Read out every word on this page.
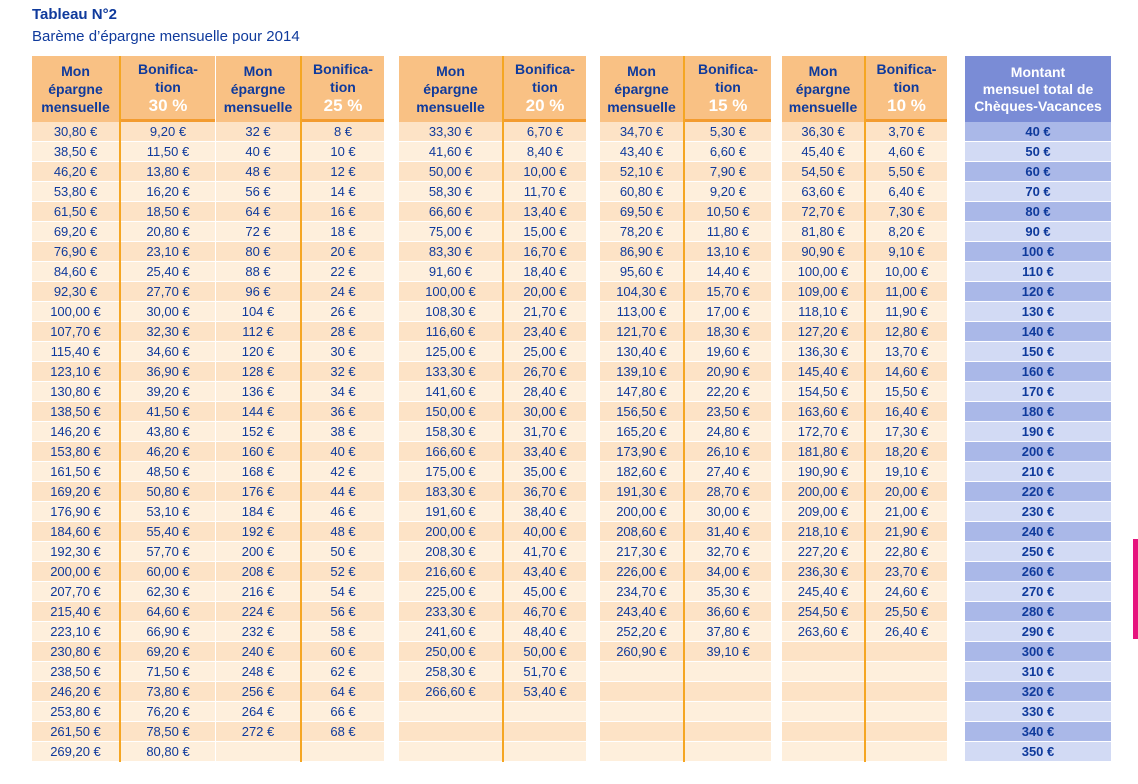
Tableau N°2
Barème d’épargne mensuelle pour 2014
Mon
épargne
mensuelle
30,80 €
38,50 €
46,20 €
53,80 €
61,50 €
69,20 €
76,90 €
84,60 €
92,30 €
100,00 €
107,70 €
115,40 €
123,10 €
130,80 €
138,50 €
146,20 €
153,80 €
161,50 €
169,20 €
176,90 €
184,60 €
192,30 €
200,00 €
207,70 €
215,40 €
223,10 €
230,80 €
238,50 €
246,20 €
253,80 €
261,50 €
269,20 €
Bonifica-
tion
30 %
9,20 €
11,50 €
13,80 €
16,20 €
18,50 €
20,80 €
23,10 €
25,40 €
27,70 €
30,00 €
32,30 €
34,60 €
36,90 €
39,20 €
41,50 €
43,80 €
46,20 €
48,50 €
50,80 €
53,10 €
55,40 €
57,70 €
60,00 €
62,30 €
64,60 €
66,90 €
69,20 €
71,50 €
73,80 €
76,20 €
78,50 €
80,80 €
Mon
épargne
mensuelle
32 €
40 €
48 €
56 €
64 €
72 €
80 €
88 €
96 €
104 €
112 €
120 €
128 €
136 €
144 €
152 €
160 €
168 €
176 €
184 €
192 €
200 €
208 €
216 €
224 €
232 €
240 €
248 €
256 €
264 €
272 €
Bonifica-
tion
25 %
8 €
10 €
12 €
14 €
16 €
18 €
20 €
22 €
24 €
26 €
28 €
30 €
32 €
34 €
36 €
38 €
40 €
42 €
44 €
46 €
48 €
50 €
52 €
54 €
56 €
58 €
60 €
62 €
64 €
66 €
68 €
Mon
épargne
mensuelle
33,30 €
41,60 €
50,00 €
58,30 €
66,60 €
75,00 €
83,30 €
91,60 €
100,00 €
108,30 €
116,60 €
125,00 €
133,30 €
141,60 €
150,00 €
158,30 €
166,60 €
175,00 €
183,30 €
191,60 €
200,00 €
208,30 €
216,60 €
225,00 €
233,30 €
241,60 €
250,00 €
258,30 €
266,60 €
Bonifica-
tion
20 %
6,70 €
8,40 €
10,00 €
11,70 €
13,40 €
15,00 €
16,70 €
18,40 €
20,00 €
21,70 €
23,40 €
25,00 €
26,70 €
28,40 €
30,00 €
31,70 €
33,40 €
35,00 €
36,70 €
38,40 €
40,00 €
41,70 €
43,40 €
45,00 €
46,70 €
48,40 €
50,00 €
51,70 €
53,40 €
Mon
épargne
mensuelle
34,70 €
43,40 €
52,10 €
60,80 €
69,50 €
78,20 €
86,90 €
95,60 €
104,30 €
113,00 €
121,70 €
130,40 €
139,10 €
147,80 €
156,50 €
165,20 €
173,90 €
182,60 €
191,30 €
200,00 €
208,60 €
217,30 €
226,00 €
234,70 €
243,40 €
252,20 €
260,90 €
Bonifica-
tion
15 %
5,30 €
6,60 €
7,90 €
9,20 €
10,50 €
11,80 €
13,10 €
14,40 €
15,70 €
17,00 €
18,30 €
19,60 €
20,90 €
22,20 €
23,50 €
24,80 €
26,10 €
27,40 €
28,70 €
30,00 €
31,40 €
32,70 €
34,00 €
35,30 €
36,60 €
37,80 €
39,10 €
Mon
épargne
mensuelle
36,30 €
45,40 €
54,50 €
63,60 €
72,70 €
81,80 €
90,90 €
100,00 €
109,00 €
118,10 €
127,20 €
136,30 €
145,40 €
154,50 €
163,60 €
172,70 €
181,80 €
190,90 €
200,00 €
209,00 €
218,10 €
227,20 €
236,30 €
245,40 €
254,50 €
263,60 €
Bonifica-
tion
10 %
3,70 €
4,60 €
5,50 €
6,40 €
7,30 €
8,20 €
9,10 €
10,00 €
11,00 €
11,90 €
12,80 €
13,70 €
14,60 €
15,50 €
16,40 €
17,30 €
18,20 €
19,10 €
20,00 €
21,00 €
21,90 €
22,80 €
23,70 €
24,60 €
25,50 €
26,40 €
Montant
mensuel total de
Chèques-Vacances
40 €
50 €
60 €
70 €
80 €
90 €
100 €
110 €
120 €
130 €
140 €
150 €
160 €
170 €
180 €
190 €
200 €
210 €
220 €
230 €
240 €
250 €
260 €
270 €
280 €
290 €
300 €
310 €
320 €
330 €
340 €
350 €
